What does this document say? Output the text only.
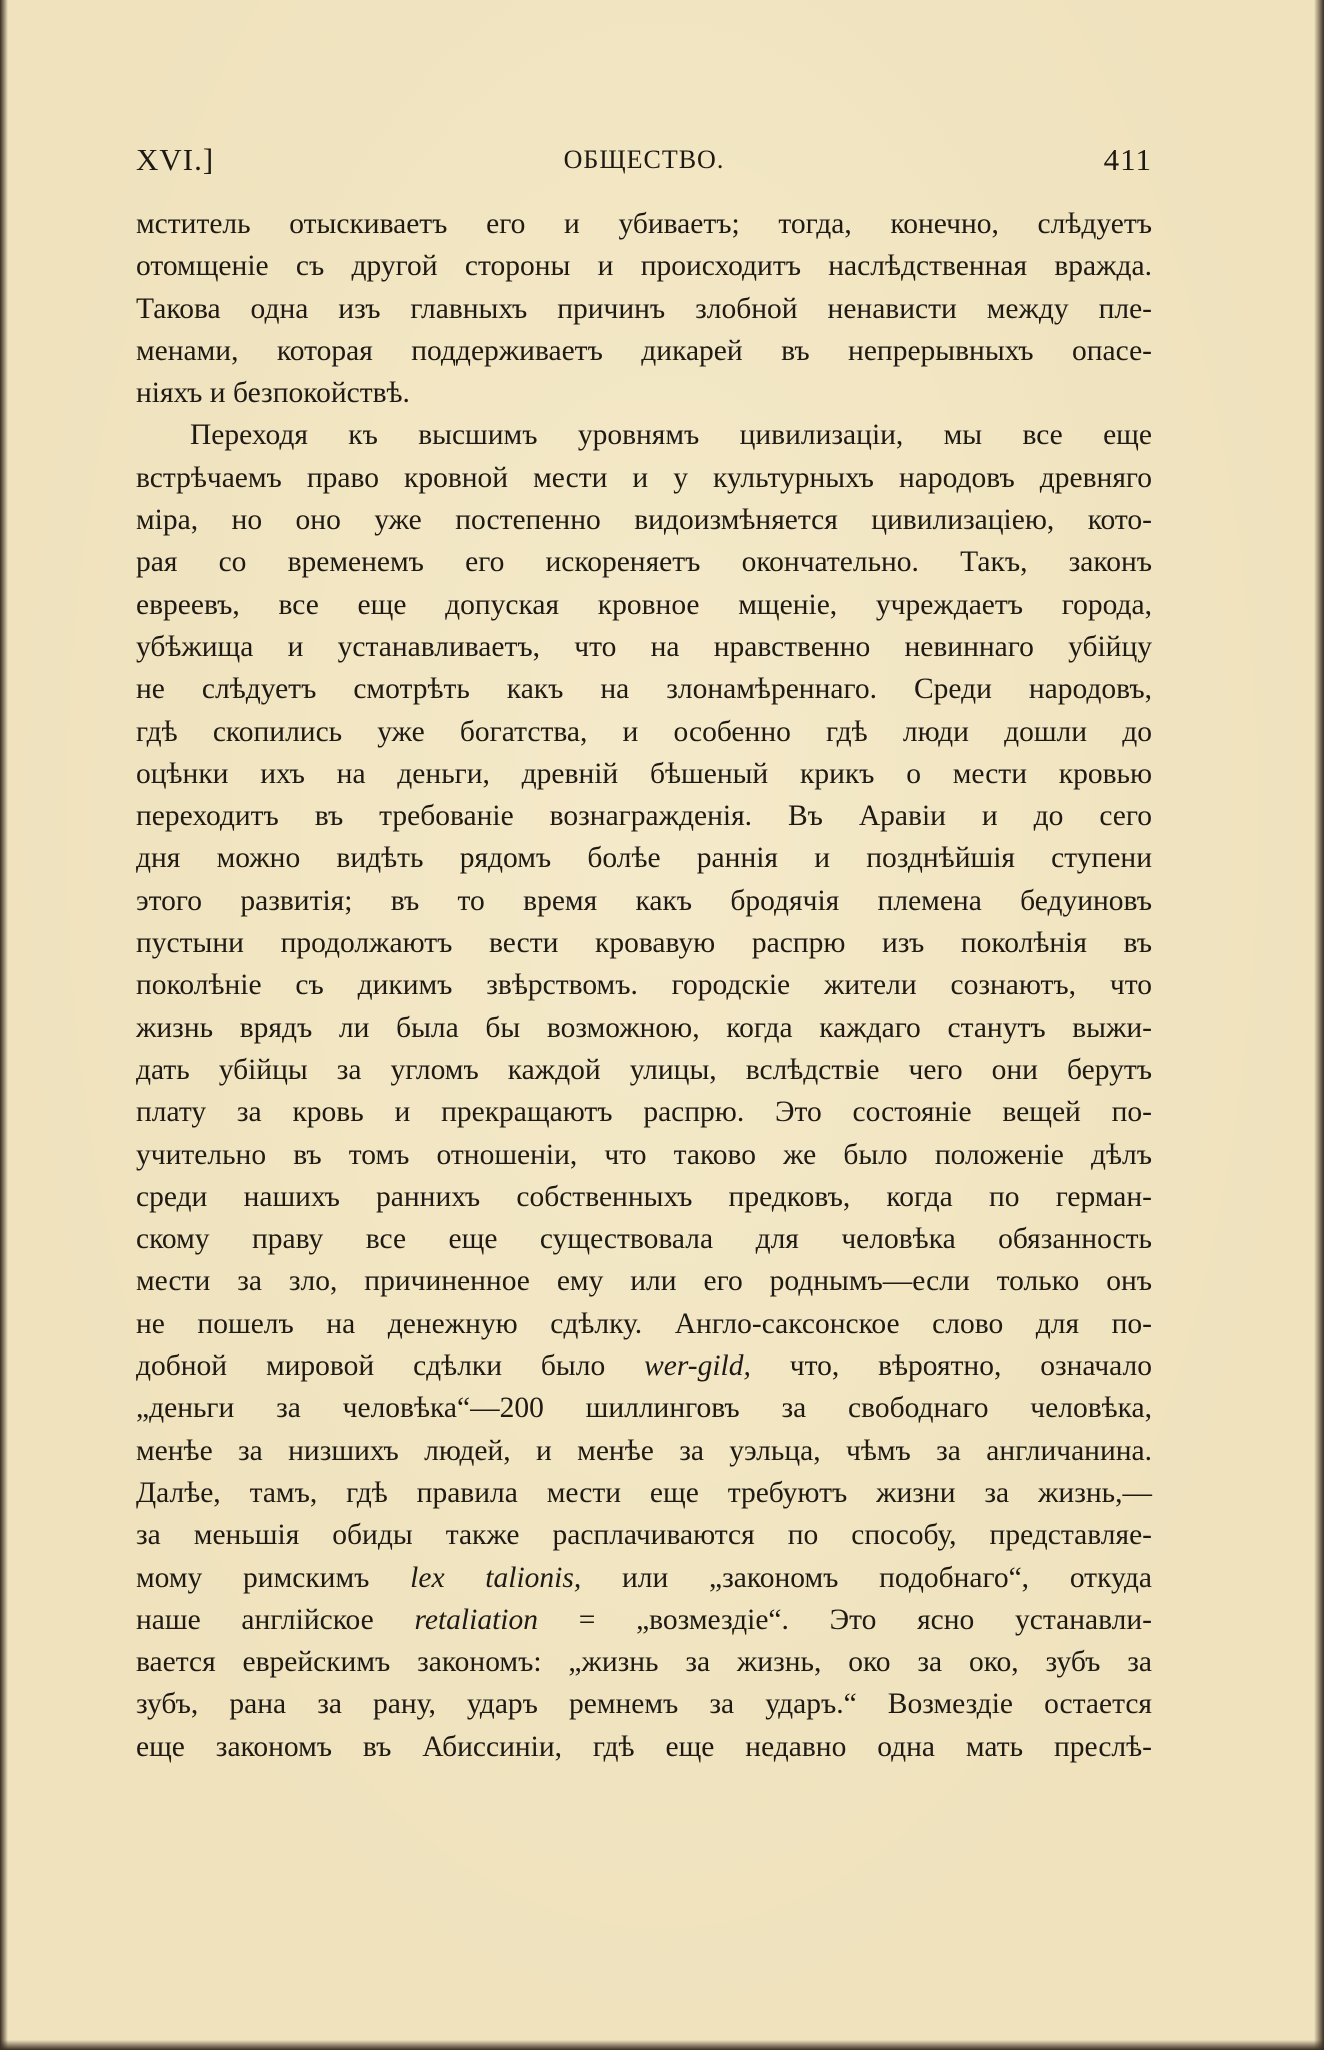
XVI.]	ОБЩЕСТВО.	411
мститель отыскиваетъ его и убиваетъ; тогда, конечно, слѣдуетъ
отомщеніе съ другой стороны и происходитъ наслѣдственная вражда.
Такова одна изъ главныхъ причинъ злобной ненависти между пле-
менами, которая поддерживаетъ дикарей въ непрерывныхъ опасе-
ніяхъ и безпокойствѣ.
Переходя къ высшимъ уровнямъ цивилизаціи, мы все еще
встрѣчаемъ право кровной мести и у культурныхъ народовъ древняго
міра, но оно уже постепенно видоизмѣняется цивилизаціею, кото-
рая со временемъ его искореняетъ окончательно. Такъ, законъ
евреевъ, все еще допуская кровное мщеніе, учреждаетъ города,
убѣжища и устанавливаетъ, что на нравственно невиннаго убійцу
не слѣдуетъ смотрѣть какъ на злонамѣреннаго. Среди народовъ,
гдѣ скопились уже богатства, и особенно гдѣ люди дошли до
оцѣнки ихъ на деньги, древній бѣшеный крикъ о мести кровью
переходитъ въ требованіе вознагражденія. Въ Аравіи и до сего
дня можно видѣть рядомъ болѣе раннія и позднѣйшія ступени
этого развитія; въ то время какъ бродячія племена бедуиновъ
пустыни продолжаютъ вести кровавую распрю изъ поколѣнія въ
поколѣніе съ дикимъ звѣрствомъ. городскіе жители сознаютъ, что
жизнь врядъ ли была бы возможною, когда каждаго станутъ выжи-
дать убійцы за угломъ каждой улицы, вслѣдствіе чего они берутъ
плату за кровь и прекращаютъ распрю. Это состояніе вещей по-
учительно въ томъ отношеніи, что таково же было положеніе дѣлъ
среди нашихъ раннихъ собственныхъ предковъ, когда по герман-
скому праву все еще существовала для человѣка обязанность
мести за зло, причиненное ему или его роднымъ—если только онъ
не пошелъ на денежную сдѣлку. Англо-саксонское слово для по-
добной мировой сдѣлки было wer-gild, что, вѣроятно, означало
„деньги за человѣка“—200 шиллинговъ за свободнаго человѣка,
менѣе за низшихъ людей, и менѣе за уэльца, чѣмъ за англичанина.
Далѣе, тамъ, гдѣ правила мести еще требуютъ жизни за жизнь,—
за меньшія обиды также расплачиваются по способу, представляе-
мому римскимъ lex talionis, или „закономъ подобнаго“, откуда
наше англійское retaliation = „возмездіе“. Это ясно устанавли-
вается еврейскимъ закономъ: „жизнь за жизнь, око за око, зубъ за
зубъ, рана за рану, ударъ ремнемъ за ударъ.“ Возмездіе остается
еще закономъ въ Абиссиніи, гдѣ еще недавно одна мать преслѣ-
